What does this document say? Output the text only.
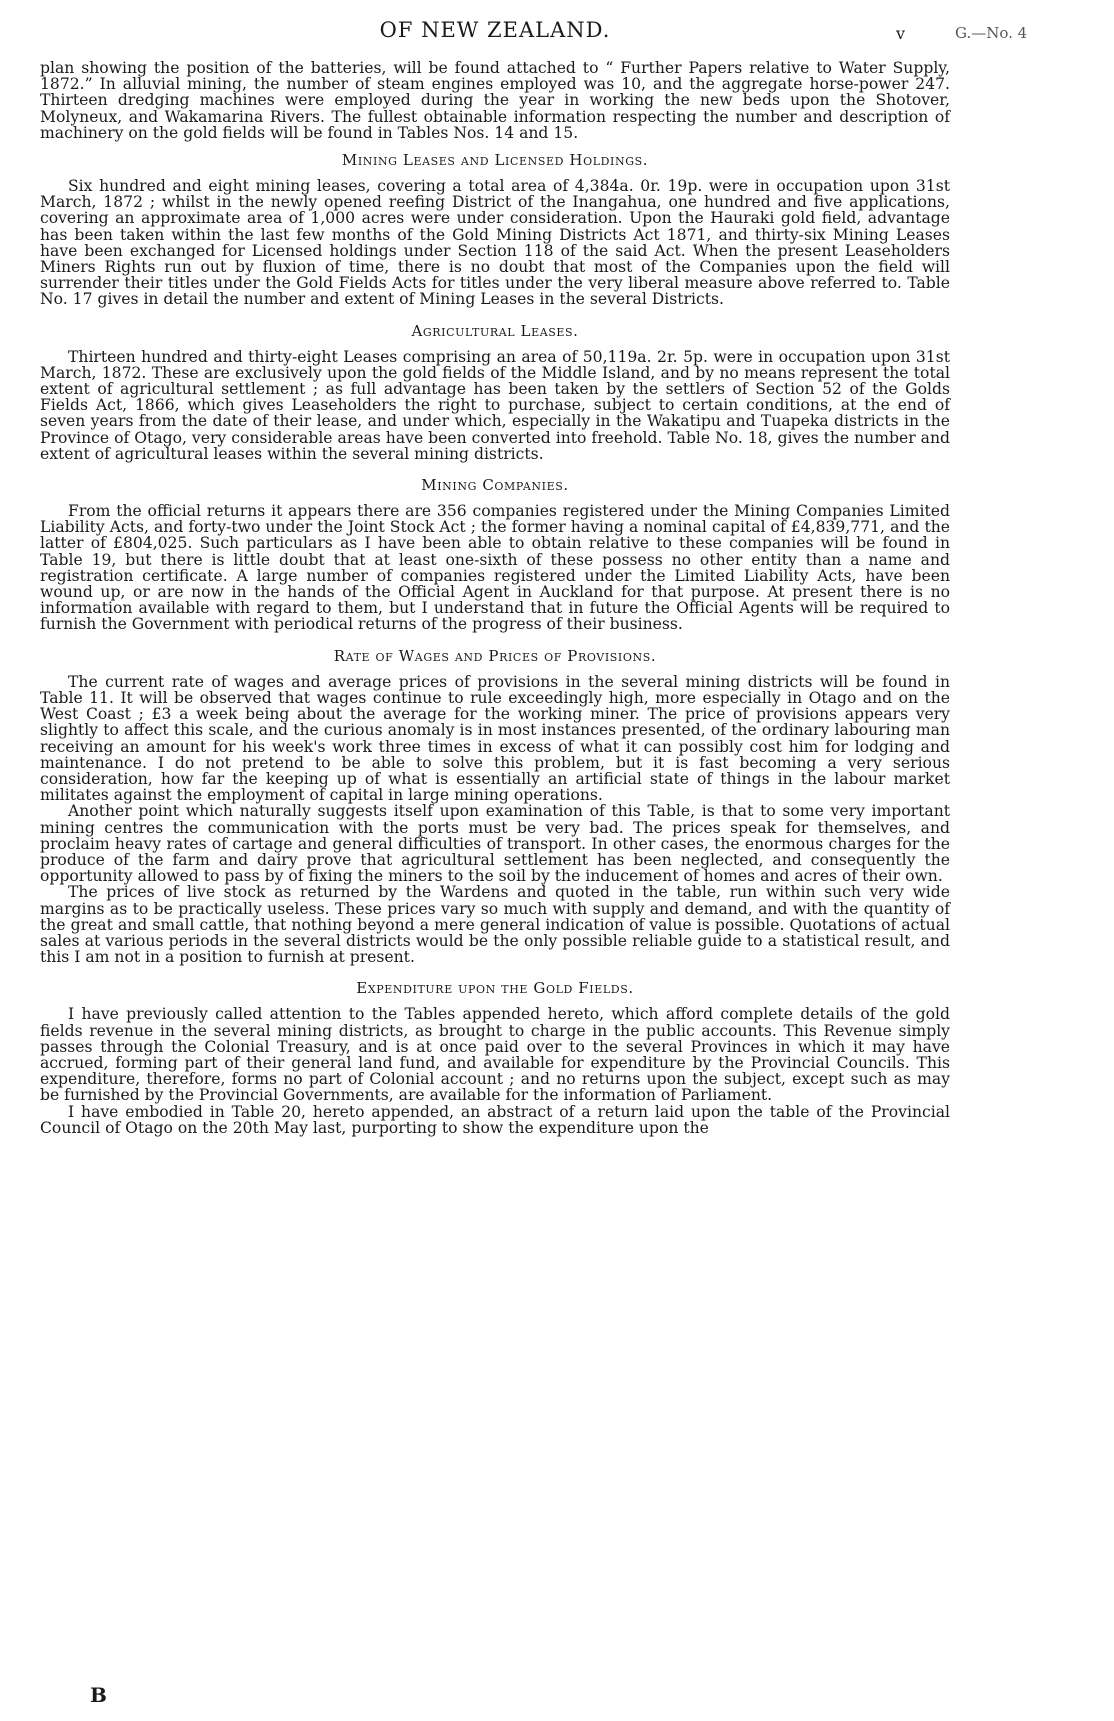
OF NEW ZEALAND.	v

plan showing the position of the batteries, will be found attached to “ Further Papers relative to Water Supply, 1872.” In alluvial mining, the number of steam engines employed was 10, and the aggregate horse-power 247. Thirteen dredging machines were employed during the year in working the new beds upon the Shotover, Molyneux, and Wakamarina Rivers. The fullest obtainable information respecting the number and description of machinery on the gold fields will be found in Tables Nos. 14 and 15.

Mining Leases and Licensed Holdings.

Six hundred and eight mining leases, covering a total area of 4,384a. 0r. 19p. were in occupation upon 31st March, 1872 ; whilst in the newly opened reefing District of the Inangahua, one hundred and five applications, covering an approximate area of 1,000 acres were under consideration. Upon the Hauraki gold field, advantage has been taken within the last few months of the Gold Mining Districts Act 1871, and thirty-six Mining Leases have been exchanged for Licensed holdings under Section 118 of the said Act. When the present Leaseholders Miners Rights run out by fluxion of time, there is no doubt that most of the Companies upon the field will surrender their titles under the Gold Fields Acts for titles under the very liberal measure above referred to. Table No. 17 gives in detail the number and extent of Mining Leases in the several Districts.

Agricultural Leases.

Thirteen hundred and thirty-eight Leases comprising an area of 50,119a. 2r. 5p. were in occupation upon 31st March, 1872. These are exclusively upon the gold fields of the Middle Island, and by no means represent the total extent of agricultural settlement ; as full advantage has been taken by the settlers of Section 52 of the Golds Fields Act, 1866, which gives Leaseholders the right to purchase, subject to certain conditions, at the end of seven years from the date of their lease, and under which, especially in the Wakatipu and Tuapeka districts in the Province of Otago, very considerable areas have been converted into freehold. Table No. 18, gives the number and extent of agricultural leases within the several mining districts.

Mining Companies.

From the official returns it appears there are 356 companies registered under the Mining Companies Limited Liability Acts, and forty-two under the Joint Stock Act ; the former having a nominal capital of £4,839,771, and the latter of £804,025. Such particulars as I have been able to obtain relative to these companies will be found in Table 19, but there is little doubt that at least one-sixth of these possess no other entity than a name and registration certificate. A large number of companies registered under the Limited Liability Acts, have been wound up, or are now in the hands of the Official Agent in Auckland for that purpose. At present there is no information available with regard to them, but I understand that in future the Official Agents will be required to furnish the Government with periodical returns of the progress of their business.

Rate of Wages and Prices of Provisions.

The current rate of wages and average prices of provisions in the several mining districts will be found in Table 11. It will be observed that wages continue to rule exceedingly high, more especially in Otago and on the West Coast ; £3 a week being about the average for the working miner. The price of provisions appears very slightly to affect this scale, and the curious anomaly is in most instances presented, of the ordinary labouring man receiving an amount for his week's work three times in excess of what it can possibly cost him for lodging and maintenance. I do not pretend to be able to solve this problem, but it is fast becoming a very serious consideration, how far the keeping up of what is essentially an artificial state of things in the labour market militates against the employment of capital in large mining operations.

Another point which naturally suggests itself upon examination of this Table, is that to some very important mining centres the communication with the ports must be very bad. The prices speak for themselves, and proclaim heavy rates of cartage and general difficulties of transport. In other cases, the enormous charges for the produce of the farm and dairy prove that agricultural settlement has been neglected, and consequently the opportunity allowed to pass by of fixing the miners to the soil by the inducement of homes and acres of their own.

The prices of live stock as returned by the Wardens and quoted in the table, run within such very wide margins as to be practically useless. These prices vary so much with supply and demand, and with the quantity of the great and small cattle, that nothing beyond a mere general indication of value is possible. Quotations of actual sales at various periods in the several districts would be the only possible reliable guide to a statistical result, and this I am not in a position to furnish at present.

Expenditure upon the Gold Fields.

I have previously called attention to the Tables appended hereto, which afford complete details of the gold fields revenue in the several mining districts, as brought to charge in the public accounts. This Revenue simply passes through the Colonial Treasury, and is at once paid over to the several Provinces in which it may have accrued, forming part of their general land fund, and available for expenditure by the Provincial Councils. This expenditure, therefore, forms no part of Colonial account ; and no returns upon the subject, except such as may be furnished by the Provincial Governments, are available for the information of Parliament.

I have embodied in Table 20, hereto appended, an abstract of a return laid upon the table of the Provincial Council of Otago on the 20th May last, purporting to show the expenditure upon the

G.—No. 4
B
